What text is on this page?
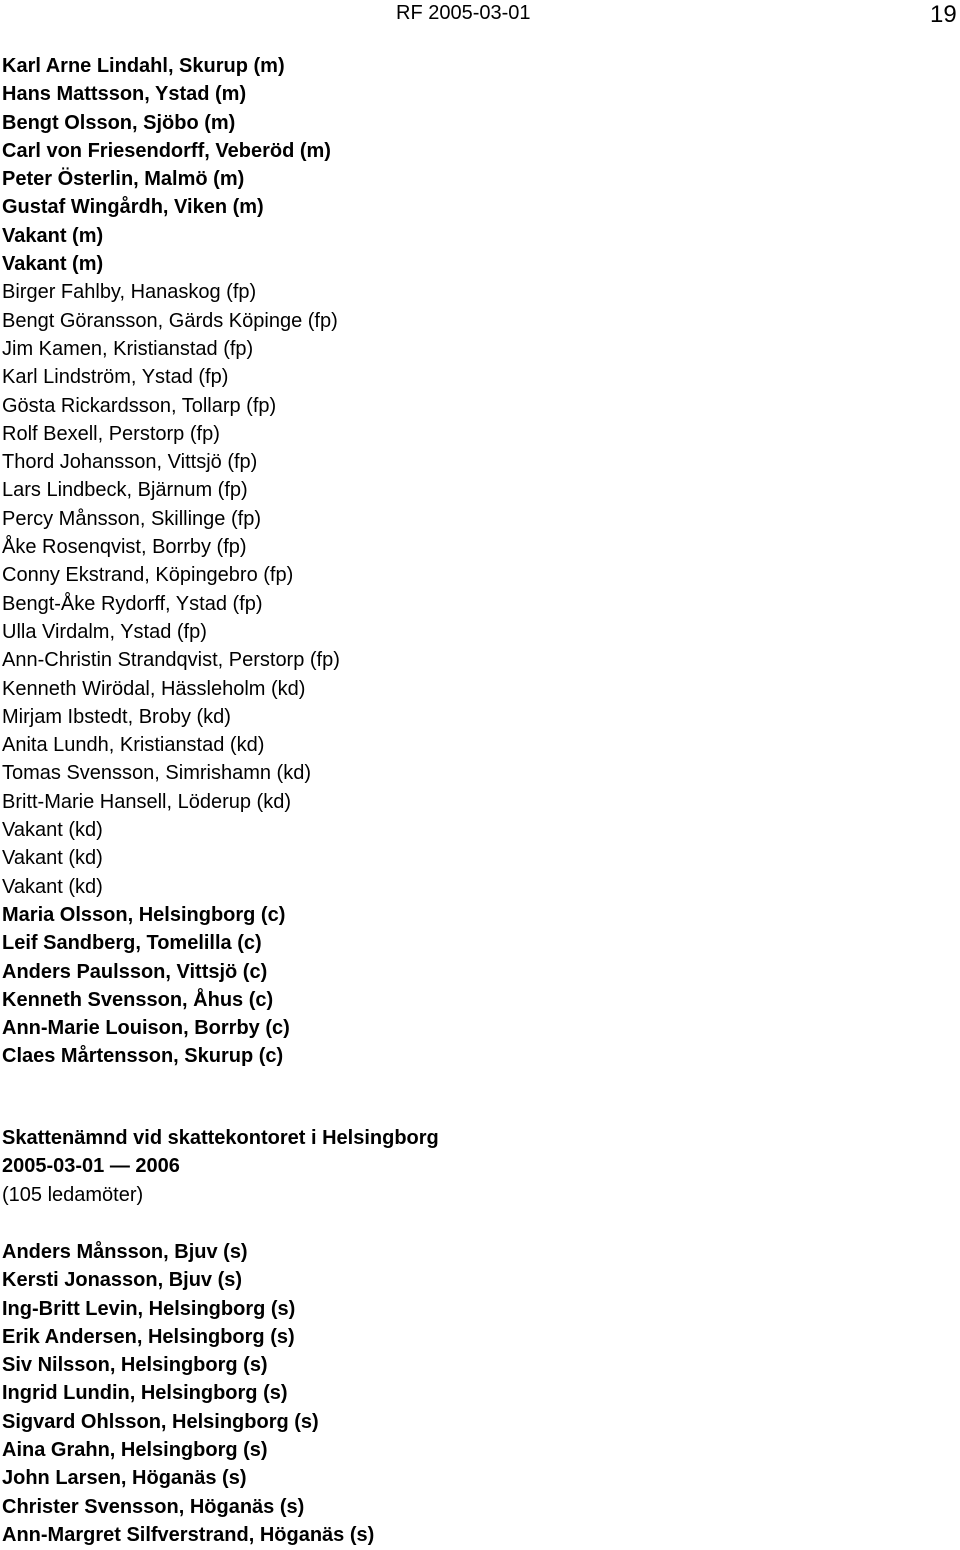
RF 2005-03-01	19
Karl Arne Lindahl, Skurup (m)
Hans Mattsson, Ystad (m)
Bengt Olsson, Sjöbo (m)
Carl von Friesendorff, Veberöd (m)
Peter Österlin, Malmö (m)
Gustaf Wingårdh, Viken (m)
Vakant (m)
Vakant (m)
Birger Fahlby, Hanaskog (fp)
Bengt Göransson, Gärds Köpinge (fp)
Jim Kamen, Kristianstad (fp)
Karl Lindström, Ystad (fp)
Gösta Rickardsson, Tollarp (fp)
Rolf Bexell, Perstorp (fp)
Thord Johansson, Vittsjö (fp)
Lars Lindbeck, Bjärnum (fp)
Percy Månsson, Skillinge (fp)
Åke Rosenqvist, Borrby (fp)
Conny Ekstrand, Köpingebro (fp)
Bengt-Åke Rydorff, Ystad (fp)
Ulla Virdalm, Ystad (fp)
Ann-Christin Strandqvist, Perstorp (fp)
Kenneth Wirödal, Hässleholm (kd)
Mirjam Ibstedt, Broby (kd)
Anita Lundh, Kristianstad (kd)
Tomas Svensson, Simrishamn (kd)
Britt-Marie Hansell, Löderup (kd)
Vakant (kd)
Vakant (kd)
Vakant (kd)
Maria Olsson, Helsingborg (c)
Leif Sandberg, Tomelilla (c)
Anders Paulsson, Vittsjö (c)
Kenneth Svensson, Åhus (c)
Ann-Marie Louison, Borrby (c)
Claes Mårtensson, Skurup (c)
Skattenämnd vid skattekontoret i Helsingborg
2005-03-01 — 2006
(105 ledamöter)
Anders Månsson, Bjuv (s)
Kersti Jonasson, Bjuv (s)
Ing-Britt Levin, Helsingborg (s)
Erik Andersen, Helsingborg (s)
Siv Nilsson, Helsingborg (s)
Ingrid Lundin, Helsingborg (s)
Sigvard Ohlsson, Helsingborg (s)
Aina Grahn, Helsingborg (s)
John Larsen, Höganäs (s)
Christer Svensson, Höganäs (s)
Ann-Margret Silfverstrand, Höganäs (s)
